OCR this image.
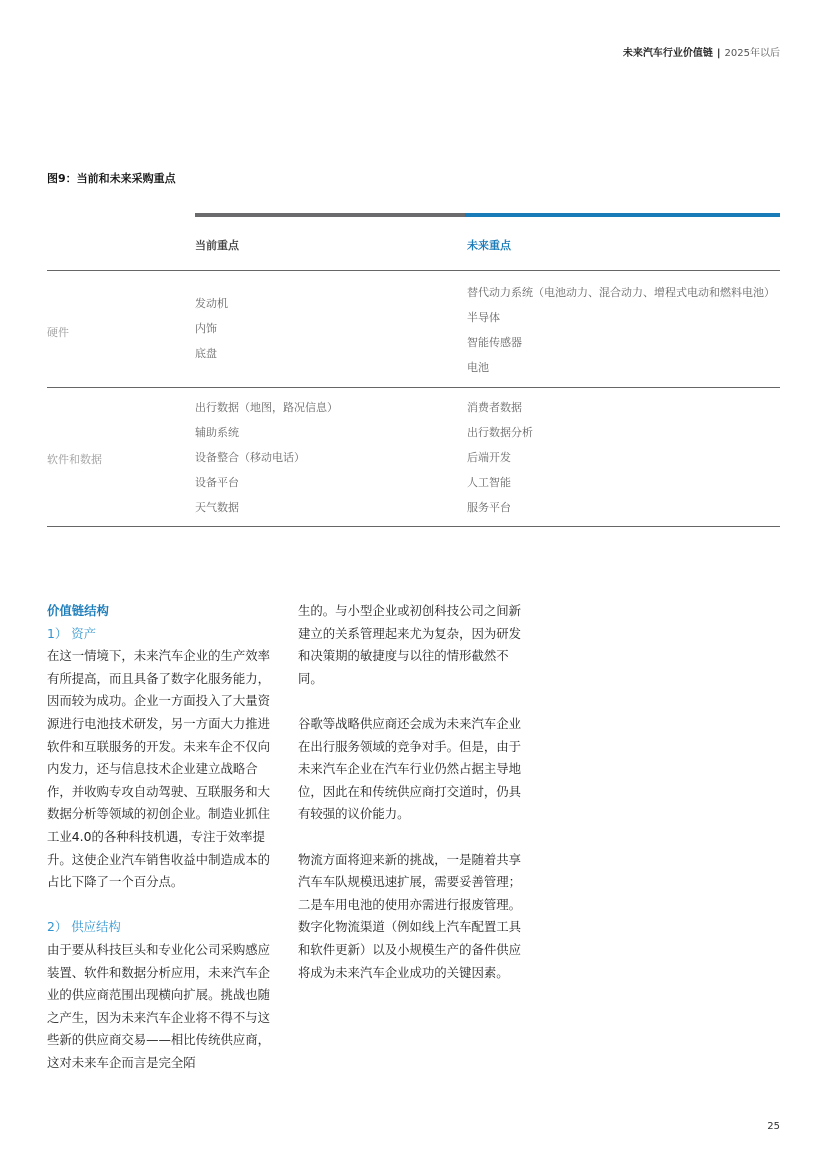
未来汽车行业价值链 | 2025年以后
图9：当前和未来采购重点
当前重点	未来重点
硬件
发动机
内饰
底盘
替代动力系统（电池动力、混合动力、增程式电动和燃料电池）
半导体
智能传感器
电池
软件和数据
出行数据（地图，路况信息）
辅助系统
设备整合（移动电话）
设备平台
天气数据
消费者数据
出行数据分析
后端开发
人工智能
服务平台

价值链结构

1） 资产

在这一情境下，未来汽车企业的生产效率有所提高，而且具备了数字化服务能力，因而较为成功。企业一方面投入了大量资源进行电池技术研发，另一方面大力推进软件和互联服务的开发。未来车企不仅向内发力，还与信息技术企业建立战略合作，并收购专攻自动驾驶、互联服务和大数据分析等领域的初创企业。制造业抓住工业4.0的各种科技机遇，专注于效率提升。这使企业汽车销售收益中制造成本的占比下降了一个百分点。

2） 供应结构

由于要从科技巨头和专业化公司采购感应装置、软件和数据分析应用，未来汽车企业的供应商范围出现横向扩展。挑战也随之产生，因为未来汽车企业将不得不与这些新的供应商交易——相比传统供应商，这对未来车企而言是完全陌

生的。与小型企业或初创科技公司之间新建立的关系管理起来尤为复杂，因为研发和决策期的敏捷度与以往的情形截然不同。

谷歌等战略供应商还会成为未来汽车企业在出行服务领域的竞争对手。但是，由于未来汽车企业在汽车行业仍然占据主导地位，因此在和传统供应商打交道时，仍具有较强的议价能力。

物流方面将迎来新的挑战，一是随着共享汽车车队规模迅速扩展，需要妥善管理；二是车用电池的使用亦需进行报废管理。数字化物流渠道（例如线上汽车配置工具和软件更新）以及小规模生产的备件供应将成为未来汽车企业成功的关键因素。

25
